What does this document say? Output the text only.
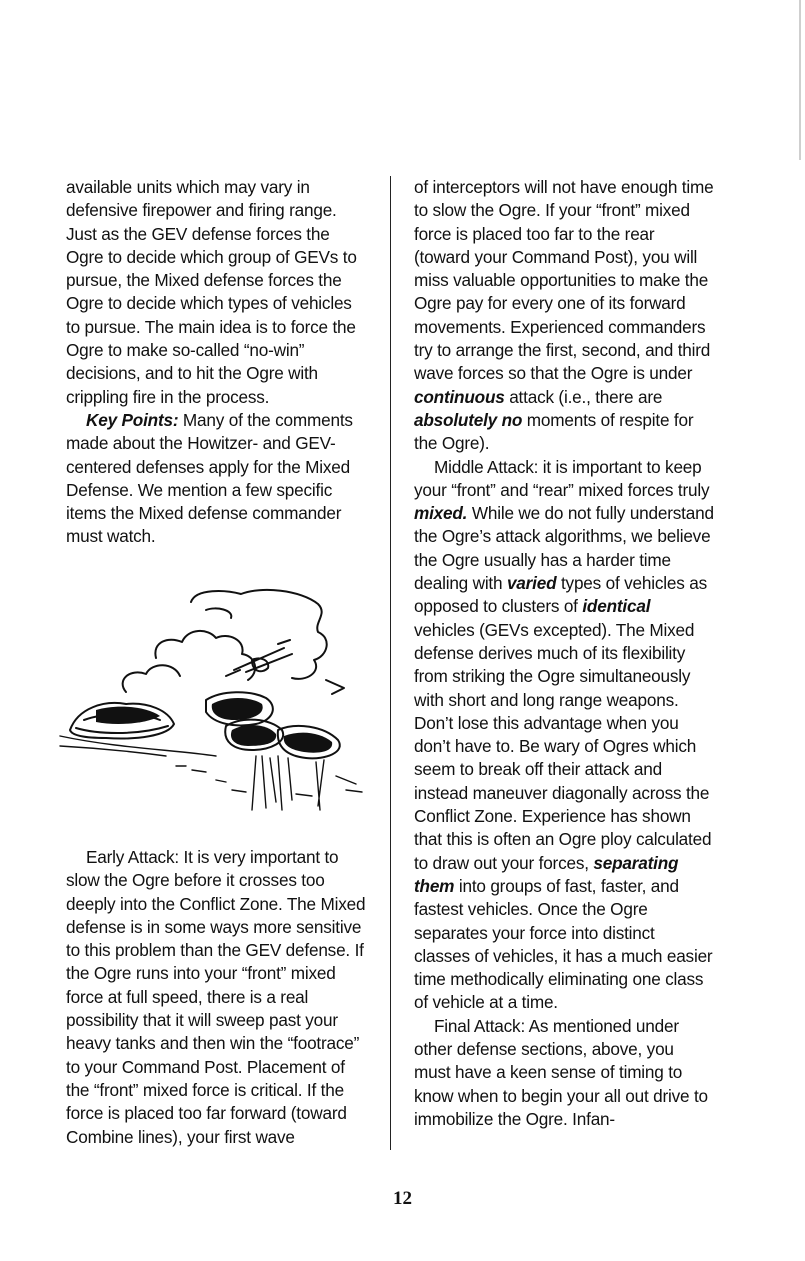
available units which may vary in defensive firepower and firing range. Just as the GEV defense forces the Ogre to decide which group of GEVs to pursue, the Mixed defense forces the Ogre to decide which types of vehicles to pursue. The main idea is to force the Ogre to make so-called “no-win” decisions, and to hit the Ogre with crippling fire in the process.

Key Points: Many of the comments made about the Howitzer- and GEV-centered defenses apply for the Mixed Defense. We mention a few specific items the Mixed defense commander must watch.

Early Attack: It is very important to slow the Ogre before it crosses too deeply into the Conflict Zone. The Mixed defense is in some ways more sensitive to this problem than the GEV defense. If the Ogre runs into your “front” mixed force at full speed, there is a real possibility that it will sweep past your heavy tanks and then win the “footrace” to your Command Post. Placement of the “front” mixed force is critical. If the force is placed too far forward (toward Combine lines), your first wave

of interceptors will not have enough time to slow the Ogre. If your “front” mixed force is placed too far to the rear (toward your Command Post), you will miss valuable opportunities to make the Ogre pay for every one of its forward movements. Experienced commanders try to arrange the first, second, and third wave forces so that the Ogre is under continuous attack (i.e., there are absolutely no moments of respite for the Ogre).

Middle Attack: it is important to keep your “front” and “rear” mixed forces truly mixed. While we do not fully understand the Ogre’s attack algorithms, we believe the Ogre usually has a harder time dealing with varied types of vehicles as opposed to clusters of identical vehicles (GEVs excepted). The Mixed defense derives much of its flexibility from striking the Ogre simultaneously with short and long range weapons. Don’t lose this advantage when you don’t have to. Be wary of Ogres which seem to break off their attack and instead maneuver diagonally across the Conflict Zone. Experience has shown that this is often an Ogre ploy calculated to draw out your forces, separating them into groups of fast, faster, and fastest vehicles. Once the Ogre separates your force into distinct classes of vehicles, it has a much easier time methodically eliminating one class of vehicle at a time.

Final Attack: As mentioned under other defense sections, above, you must have a keen sense of timing to know when to begin your all out drive to immobilize the Ogre. Infan-

12
